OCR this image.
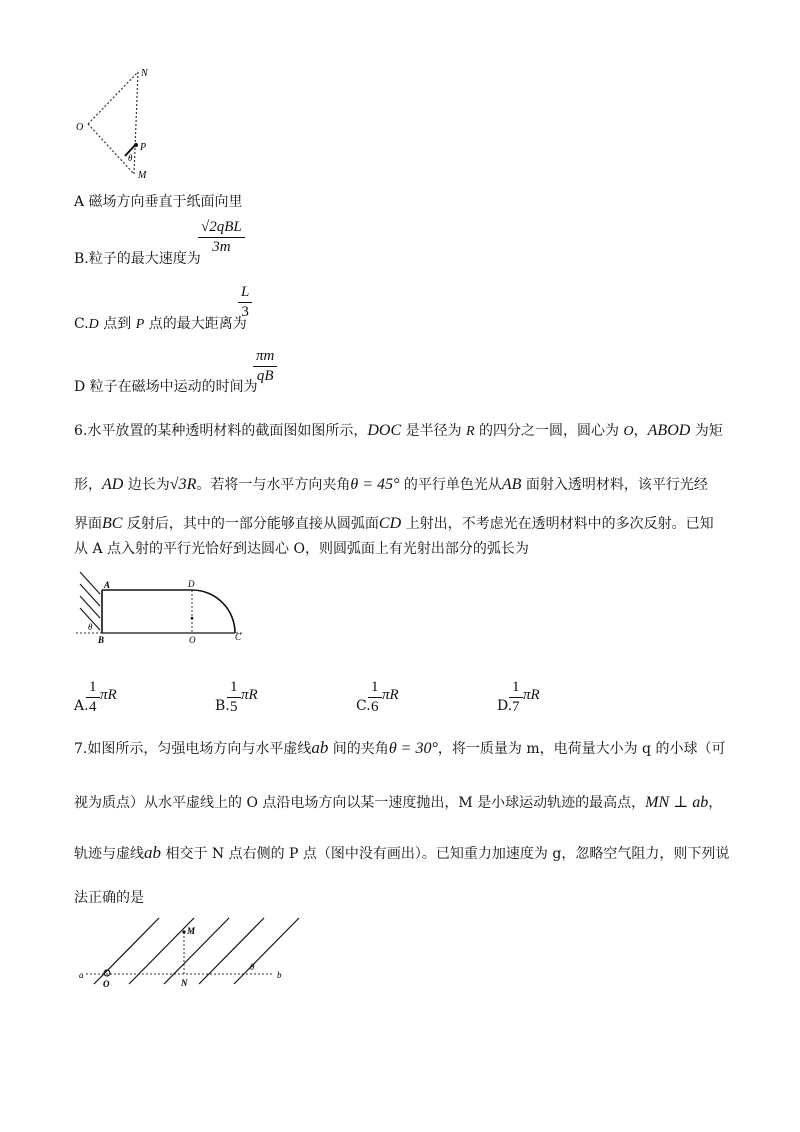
N
O
P
θ
M
A 磁场方向垂直于纸面向里
B.粒子的最大速度为
√2qBL
3m
C.D 点到 P 点的最大距离为
L
3
D 粒子在磁场中运动的时间为
πm
qB
6.水平放置的某种透明材料的截面图如图所示，DOC 是半径为 R 的四分之一圆，圆心为 O，ABOD 为矩
形，AD 边长为√3R。若将一与水平方向夹角θ = 45° 的平行单色光从AB 面射入透明材料，该平行光经
界面BC 反射后，其中的一部分能够直接从圆弧面CD 上射出，不考虑光在透明材料中的多次反射。已知
从 A 点入射的平行光恰好到达圆心 O，则圆弧面上有光射出部分的弧长为
A	D
B	O	C
θ
A.
1
4
πR
B.
1
5
πR
C.
1
6
πR
D.
1
7
πR
7.如图所示，匀强电场方向与水平虚线ab 间的夹角θ = 30°，将一质量为 m，电荷量大小为 q 的小球（可
视为质点）从水平虚线上的 O 点沿电场方向以某一速度抛出，M 是小球运动轨迹的最高点，MN ⊥ ab，
轨迹与虚线ab 相交于 N 点右侧的 P 点（图中没有画出）。已知重力加速度为 g，忽略空气阻力，则下列说
法正确的是
a
O
M
N
θ
b
